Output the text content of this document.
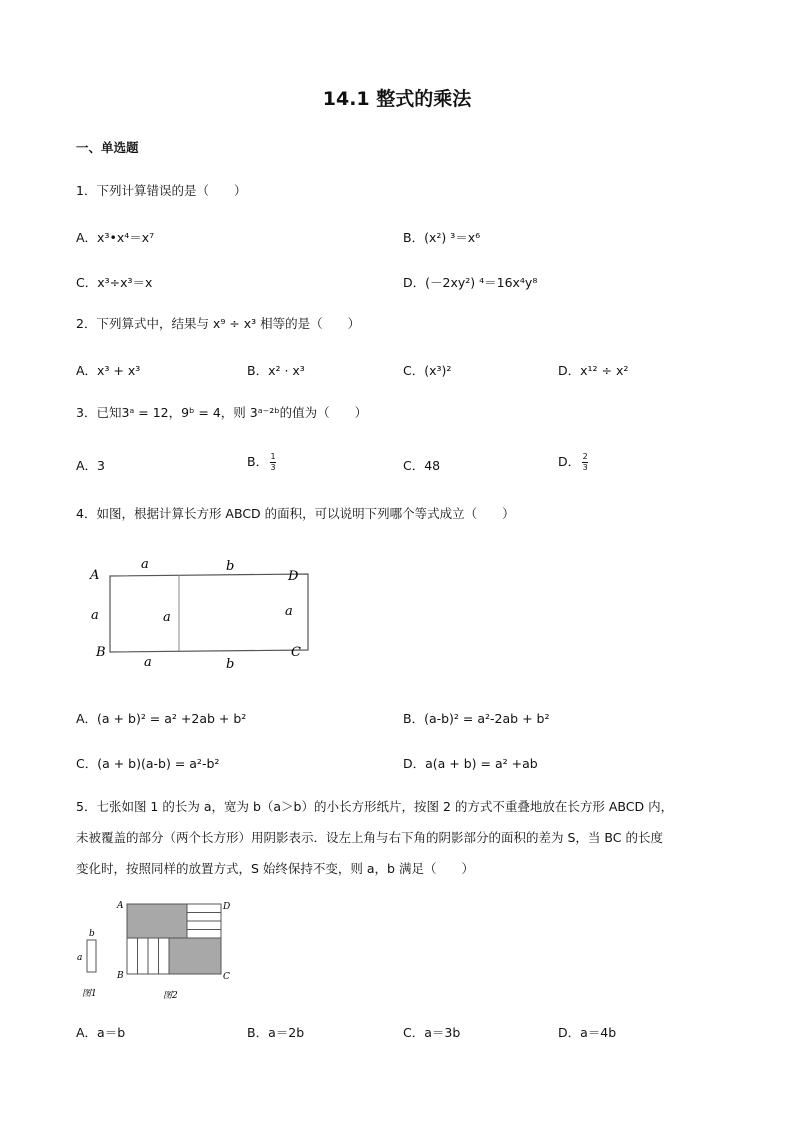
14.1 整式的乘法
一、单选题
1．下列计算错误的是（　　）
A．x³•x⁴＝x⁷	B．(x²) ³＝x⁶
C．x³÷x³＝x	D．(－2xy²) ⁴＝16x⁴y⁸
2．下列算式中，结果与 x⁹ ÷ x³ 相等的是（　　）
A．x³ + x³	B．x² · x³	C．(x³)²	D．x¹² ÷ x²
3．已知3ᵃ = 12，9ᵇ = 4，则 3ᵃ⁻²ᵇ的值为（　　）
A．3	B． $\frac{1}{3}$	C．48	D． $\frac{2}{3}$
4．如图，根据计算长方形 ABCD 的面积，可以说明下列哪个等式成立（　　）
A	D
B	C
a	b
a	a	a
a	b
A．(a + b)² = a² +2ab + b²	B．(a-b)² = a²-2ab + b²
C．(a + b)(a-b) = a²-b²	D．a(a + b) = a² +ab
5．七张如图 1 的长为 a，宽为 b（a＞b）的小长方形纸片，按图 2 的方式不重叠地放在长方形 ABCD 内，
未被覆盖的部分（两个长方形）用阴影表示．设左上角与右下角的阴影部分的面积的差为 S，当 BC 的长度
变化时，按照同样的放置方式，S 始终保持不变，则 a，b 满足（　　）
b
a
图1
A	D
B	C
图2
A．a＝b	B．a＝2b	C．a＝3b	D．a＝4b
